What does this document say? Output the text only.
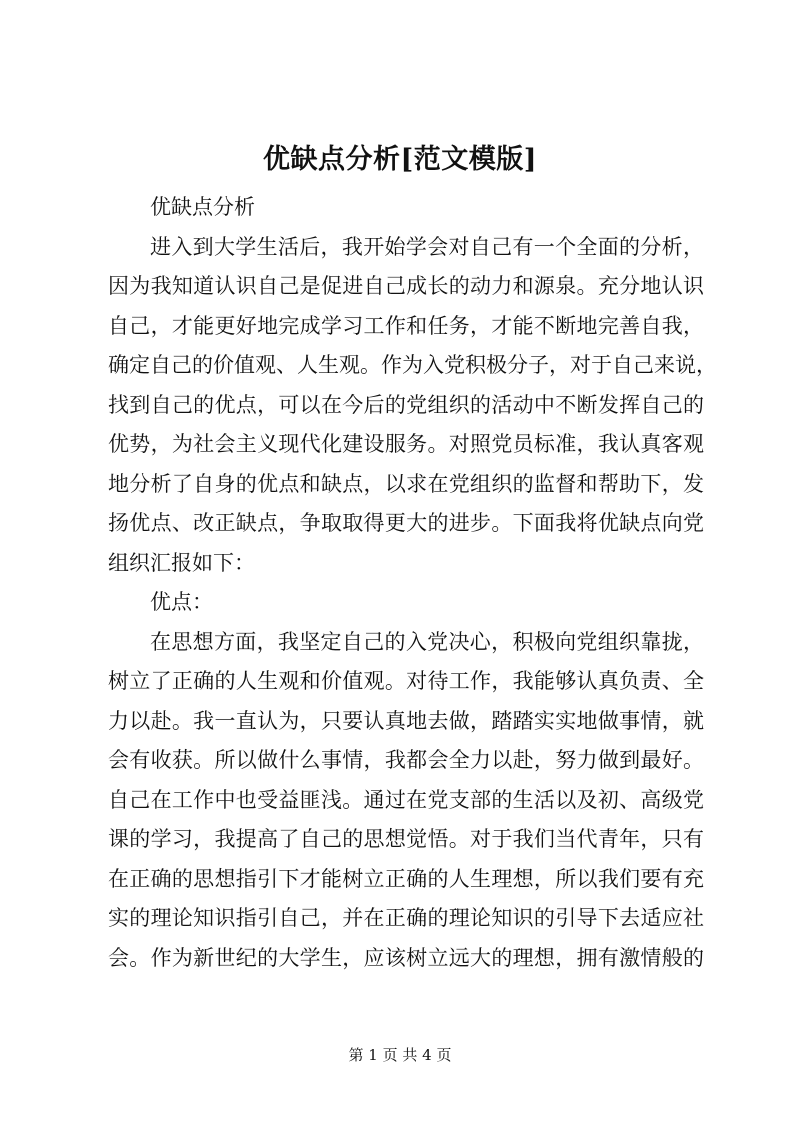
优缺点分析[范文模版]
优缺点分析
进入到大学生活后，我开始学会对自己有一个全面的分析，
因为我知道认识自己是促进自己成长的动力和源泉。充分地认识
自己，才能更好地完成学习工作和任务，才能不断地完善自我，
确定自己的价值观、人生观。作为入党积极分子，对于自己来说，
找到自己的优点，可以在今后的党组织的活动中不断发挥自己的
优势，为社会主义现代化建设服务。对照党员标准，我认真客观
地分析了自身的优点和缺点，以求在党组织的监督和帮助下，发
扬优点、改正缺点，争取取得更大的进步。下面我将优缺点向党
组织汇报如下：
优点：
在思想方面，我坚定自己的入党决心，积极向党组织靠拢，
树立了正确的人生观和价值观。对待工作，我能够认真负责、全
力以赴。我一直认为，只要认真地去做，踏踏实实地做事情，就
会有收获。所以做什么事情，我都会全力以赴，努力做到最好。
自己在工作中也受益匪浅。通过在党支部的生活以及初、高级党
课的学习，我提高了自己的思想觉悟。对于我们当代青年，只有
在正确的思想指引下才能树立正确的人生理想，所以我们要有充
实的理论知识指引自己，并在正确的理论知识的引导下去适应社
会。作为新世纪的大学生，应该树立远大的理想，拥有激情般的
第 1 页 共 4 页
